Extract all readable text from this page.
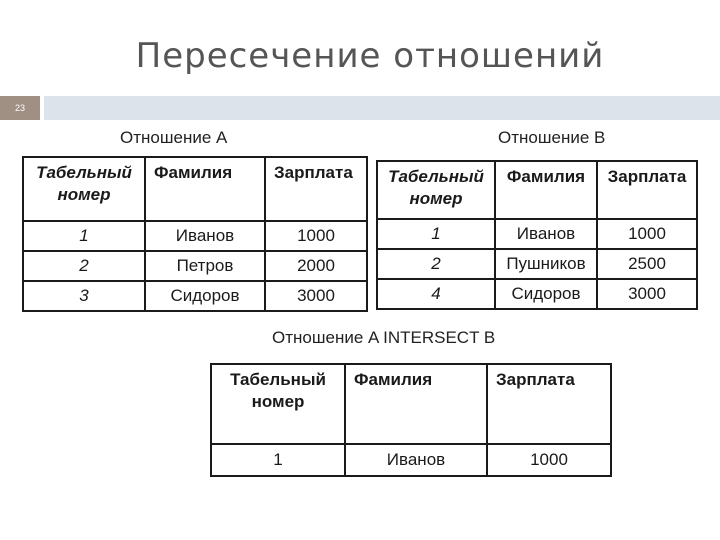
Пересечение отношений
23
Отношение А
Табельный номер	Фамилия	Зарплата
1	Иванов	1000
2	Петров	2000
3	Сидоров	3000
Отношение В
Табельный номер	Фамилия	Зарплата
1	Иванов	1000
2	Пушников	2500
4	Сидоров	3000
Отношение A INTERSECT B
Табельный номер	Фамилия	Зарплата
1	Иванов	1000
